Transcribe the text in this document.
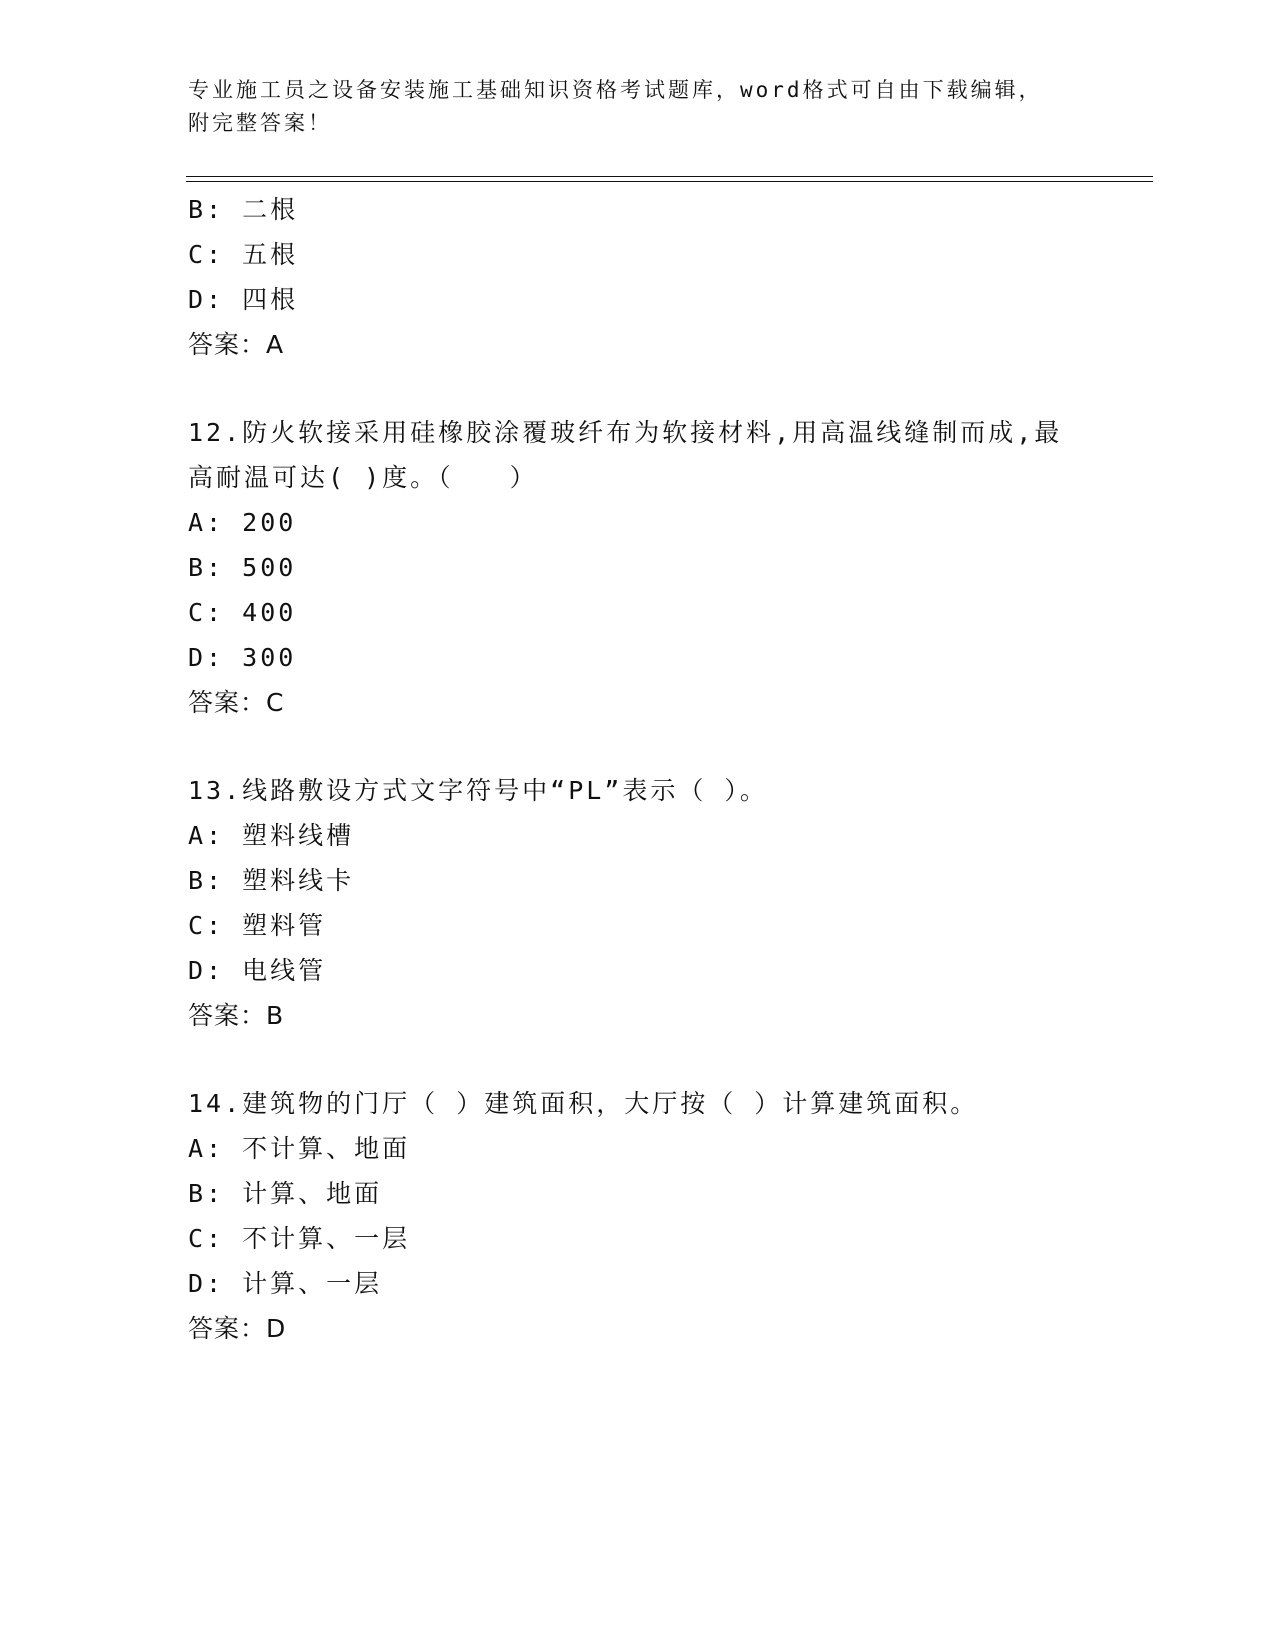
专业施工员之设备安装施工基础知识资格考试题库，word格式可自由下载编辑，
附完整答案！
B: 二根
C: 五根
D: 四根
答案：A
12.防火软接采用硅橡胶涂覆玻纤布为软接材料,用高温线缝制而成,最
高耐温可达( )度。（　　）
A: 200
B: 500
C: 400
D: 300
答案：C
13.线路敷设方式文字符号中“PL”表示（ ）。
A: 塑料线槽
B: 塑料线卡
C: 塑料管
D: 电线管
答案：B
14.建筑物的门厅（ ）建筑面积，大厅按（ ）计算建筑面积。
A: 不计算、地面
B: 计算、地面
C: 不计算、一层
D: 计算、一层
答案：D
